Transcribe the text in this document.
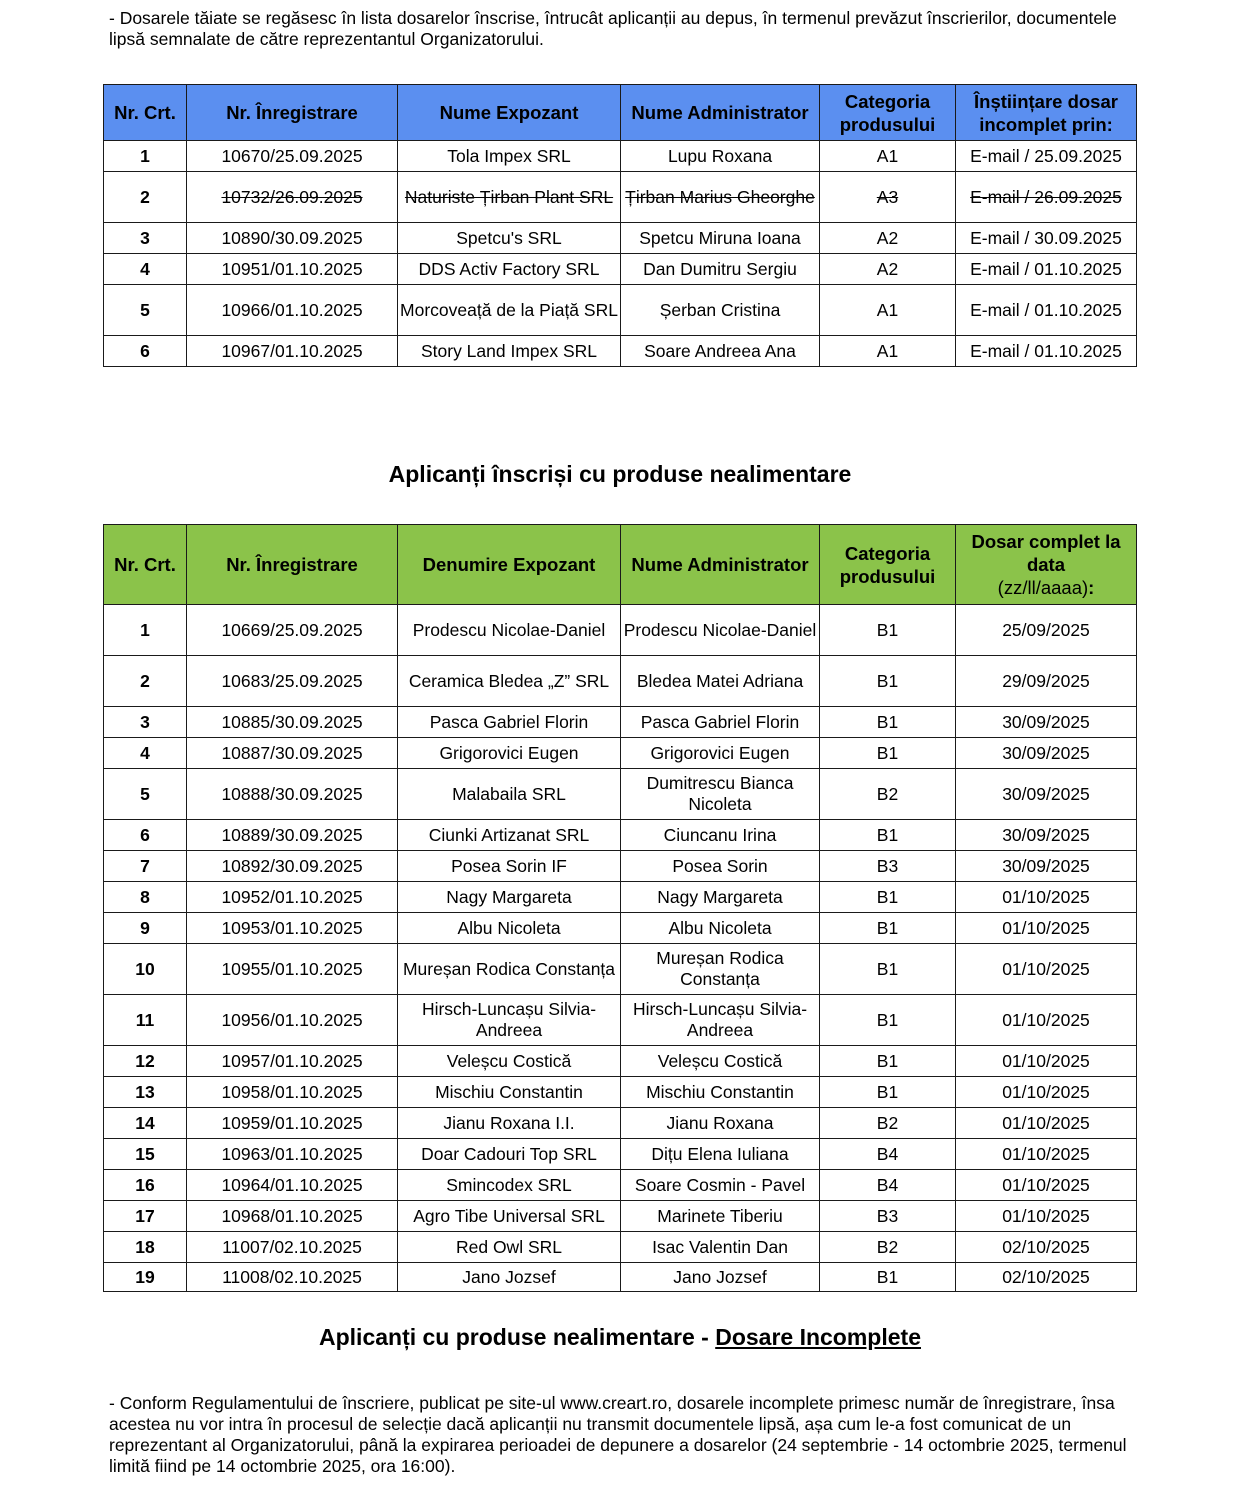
- Dosarele tăiate se regăsesc în lista dosarelor înscrise, întrucât aplicanții au depus, în termenul prevăzut înscrierilor, documentele lipsă semnalate de către reprezentantul Organizatorului.

Nr. Crt.	Nr. Înregistrare	Nume Expozant	Nume Administrator	Categoria produsului	Înștiințare dosar incomplet prin:
1	10670/25.09.2025	Tola Impex SRL	Lupu Roxana	A1	E-mail / 25.09.2025
2	10732/26.09.2025	Naturiste Țirban Plant SRL	Țirban Marius Gheorghe	A3	E-mail / 26.09.2025
3	10890/30.09.2025	Spetcu's SRL	Spetcu Miruna Ioana	A2	E-mail / 30.09.2025
4	10951/01.10.2025	DDS Activ Factory SRL	Dan Dumitru Sergiu	A2	E-mail / 01.10.2025
5	10966/01.10.2025	Morcoveață de la Piață SRL	Șerban Cristina	A1	E-mail / 01.10.2025
6	10967/01.10.2025	Story Land Impex SRL	Soare Andreea Ana	A1	E-mail / 01.10.2025
Aplicanți înscriși cu produse nealimentare
Nr. Crt.	Nr. Înregistrare	Denumire Expozant	Nume Administrator	Categoria produsului	Dosar complet la data
(zz/ll/aaaa):
1	10669/25.09.2025	Prodescu Nicolae-Daniel	Prodescu Nicolae-Daniel	B1	25/09/2025
2	10683/25.09.2025	Ceramica Bledea „Z” SRL	Bledea Matei Adriana	B1	29/09/2025
3	10885/30.09.2025	Pasca Gabriel Florin	Pasca Gabriel Florin	B1	30/09/2025
4	10887/30.09.2025	Grigorovici Eugen	Grigorovici Eugen	B1	30/09/2025
5	10888/30.09.2025	Malabaila SRL	Dumitrescu Bianca Nicoleta	B2	30/09/2025
6	10889/30.09.2025	Ciunki Artizanat SRL	Ciuncanu Irina	B1	30/09/2025
7	10892/30.09.2025	Posea Sorin IF	Posea Sorin	B3	30/09/2025
8	10952/01.10.2025	Nagy Margareta	Nagy Margareta	B1	01/10/2025
9	10953/01.10.2025	Albu Nicoleta	Albu Nicoleta	B1	01/10/2025
10	10955/01.10.2025	Mureșan Rodica Constanța	Mureșan Rodica Constanța	B1	01/10/2025
11	10956/01.10.2025	Hirsch-Luncașu Silvia-Andreea	Hirsch-Luncașu Silvia-Andreea	B1	01/10/2025
12	10957/01.10.2025	Veleșcu Costică	Veleșcu Costică	B1	01/10/2025
13	10958/01.10.2025	Mischiu Constantin	Mischiu Constantin	B1	01/10/2025
14	10959/01.10.2025	Jianu Roxana I.I.	Jianu Roxana	B2	01/10/2025
15	10963/01.10.2025	Doar Cadouri Top SRL	Dițu Elena Iuliana	B4	01/10/2025
16	10964/01.10.2025	Smincodex SRL	Soare Cosmin - Pavel	B4	01/10/2025
17	10968/01.10.2025	Agro Tibe Universal SRL	Marinete Tiberiu	B3	01/10/2025
18	11007/02.10.2025	Red Owl SRL	Isac Valentin Dan	B2	02/10/2025
19	11008/02.10.2025	Jano Jozsef	Jano Jozsef	B1	02/10/2025
Aplicanți cu produse nealimentare - Dosare Incomplete

- Conform Regulamentului de înscriere, publicat pe site-ul www.creart.ro, dosarele incomplete primesc număr de înregistrare, însa acestea nu vor intra în procesul de selecție dacă aplicanții nu transmit documentele lipsă, așa cum le-a fost comunicat de un reprezentant al Organizatorului, până la expirarea perioadei de depunere a dosarelor (24 septembrie - 14 octombrie 2025, termenul limită fiind pe 14 octombrie 2025, ora 16:00).
